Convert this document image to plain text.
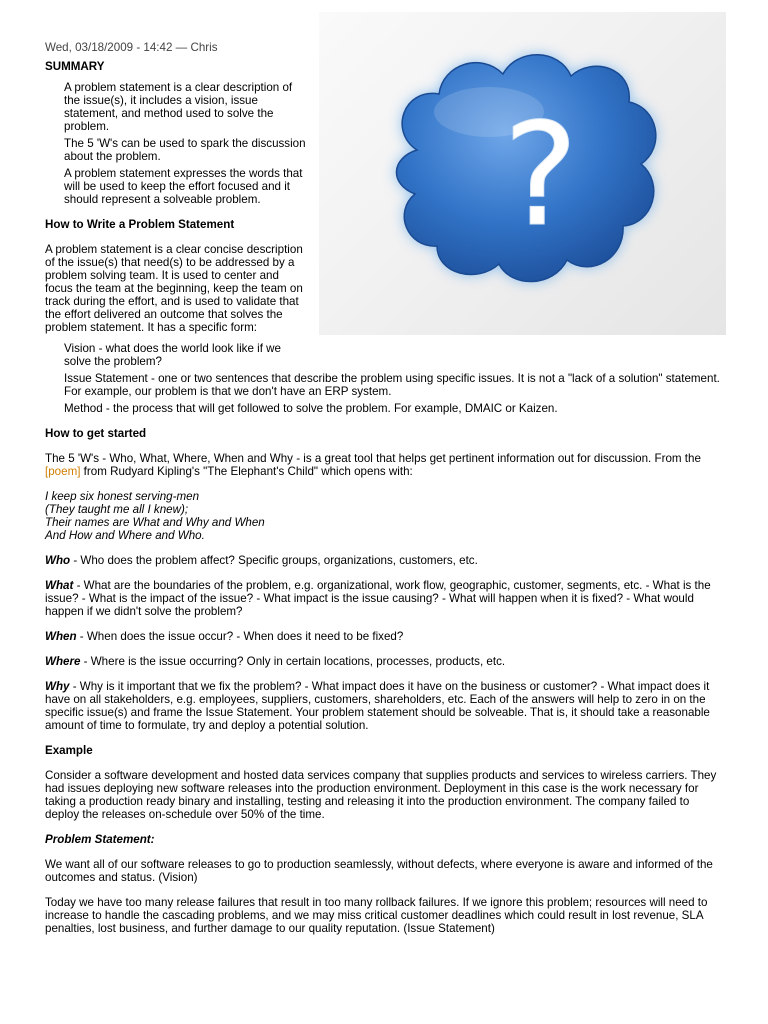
Wed, 03/18/2009 - 14:42 — Chris

?
SUMMARY

A problem statement is a clear description of the issue(s), it includes a vision, issue statement, and method used to solve the problem.

The 5 'W's can be used to spark the discussion about the problem.

A problem statement expresses the words that will be used to keep the effort focused and it should represent a solveable problem.

How to Write a Problem Statement

A problem statement is a clear concise description of the issue(s) that need(s) to be addressed by a problem solving team. It is used to center and focus the team at the beginning, keep the team on track during the effort, and is used to validate that the effort delivered an outcome that solves the problem statement. It has a specific form:

Vision - what does the world look like if we solve the problem?

Issue Statement - one or two sentences that describe the problem using specific issues. It is not a "lack of a solution" statement. For example, our problem is that we don't have an ERP system.

Method - the process that will get followed to solve the problem. For example, DMAIC or Kaizen.

How to get started

The 5 'W's - Who, What, Where, When and Why - is a great tool that helps get pertinent information out for discussion. From the [poem] from Rudyard Kipling's "The Elephant's Child" which opens with:

I keep six honest serving-men
(They taught me all I knew);
Their names are What and Why and When
And How and Where and Who.

Who - Who does the problem affect? Specific groups, organizations, customers, etc.

What - What are the boundaries of the problem, e.g. organizational, work flow, geographic, customer, segments, etc. - What is the issue? - What is the impact of the issue? - What impact is the issue causing? - What will happen when it is fixed? - What would happen if we didn't solve the problem?

When - When does the issue occur? - When does it need to be fixed?

Where - Where is the issue occurring? Only in certain locations, processes, products, etc.

Why - Why is it important that we fix the problem? - What impact does it have on the business or customer? - What impact does it have on all stakeholders, e.g. employees, suppliers, customers, shareholders, etc. Each of the answers will help to zero in on the specific issue(s) and frame the Issue Statement. Your problem statement should be solveable. That is, it should take a reasonable amount of time to formulate, try and deploy a potential solution.

Example

Consider a software development and hosted data services company that supplies products and services to wireless carriers. They had issues deploying new software releases into the production environment. Deployment in this case is the work necessary for taking a production ready binary and installing, testing and releasing it into the production environment. The company failed to deploy the releases on-schedule over 50% of the time.

Problem Statement:

We want all of our software releases to go to production seamlessly, without defects, where everyone is aware and informed of the outcomes and status. (Vision)

Today we have too many release failures that result in too many rollback failures. If we ignore this problem; resources will need to increase to handle the cascading problems, and we may miss critical customer deadlines which could result in lost revenue, SLA penalties, lost business, and further damage to our quality reputation. (Issue Statement)
